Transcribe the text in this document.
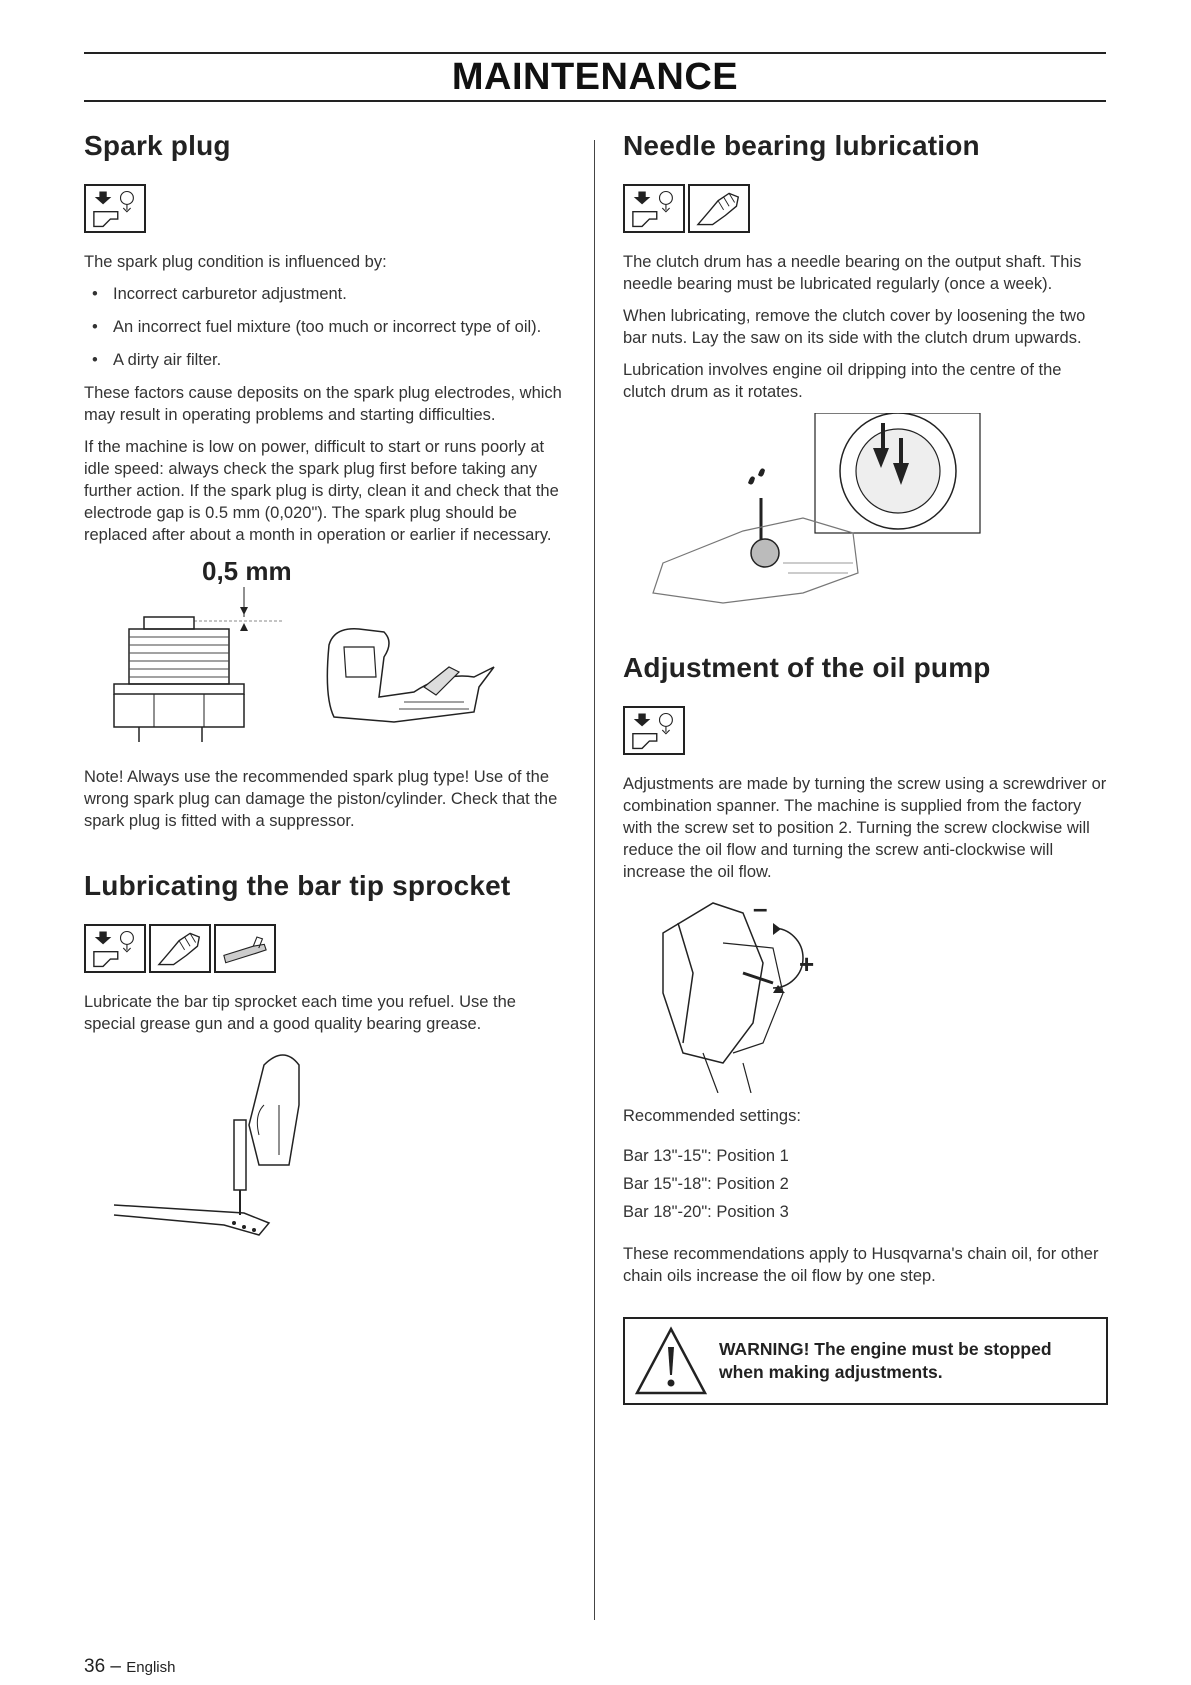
MAINTENANCE
Spark plug

The spark plug condition is influenced by:

• Incorrect carburetor adjustment.
• An incorrect fuel mixture (too much or incorrect type of oil).
• A dirty air filter.

These factors cause deposits on the spark plug electrodes, which may result in operating problems and starting difficulties.

If the machine is low on power, difficult to start or runs poorly at idle speed: always check the spark plug first before taking any further action. If the spark plug is dirty, clean it and check that the electrode gap is 0.5 mm (0,020"). The spark plug should be replaced after about a month in operation or earlier if necessary.

0,5 mm

Note! Always use the recommended spark plug type! Use of the wrong spark plug can damage the piston/cylinder. Check that the spark plug is fitted with a suppressor.

Lubricating the bar tip sprocket

Lubricate the bar tip sprocket each time you refuel. Use the special grease gun and a good quality bearing grease.

Needle bearing lubrication

The clutch drum has a needle bearing on the output shaft. This needle bearing must be lubricated regularly (once a week).

When lubricating, remove the clutch cover by loosening the two bar nuts. Lay the saw on its side with the clutch drum upwards.

Lubrication involves engine oil dripping into the centre of the clutch drum as it rotates.

Adjustment of the oil pump

Adjustments are made by turning the screw using a screwdriver or combination spanner. The machine is supplied from the factory with the screw set to position 2. Turning the screw clockwise will reduce the oil flow and turning the screw anti-clockwise will increase the oil flow.

–
+

Recommended settings:

Bar 13"-15": Position 1

Bar 15"-18": Position 2

Bar 18"-20": Position 3

These recommendations apply to Husqvarna's chain oil, for other chain oils increase the oil flow by one step.

WARNING! The engine must be stopped
when making adjustments.
36 – English
